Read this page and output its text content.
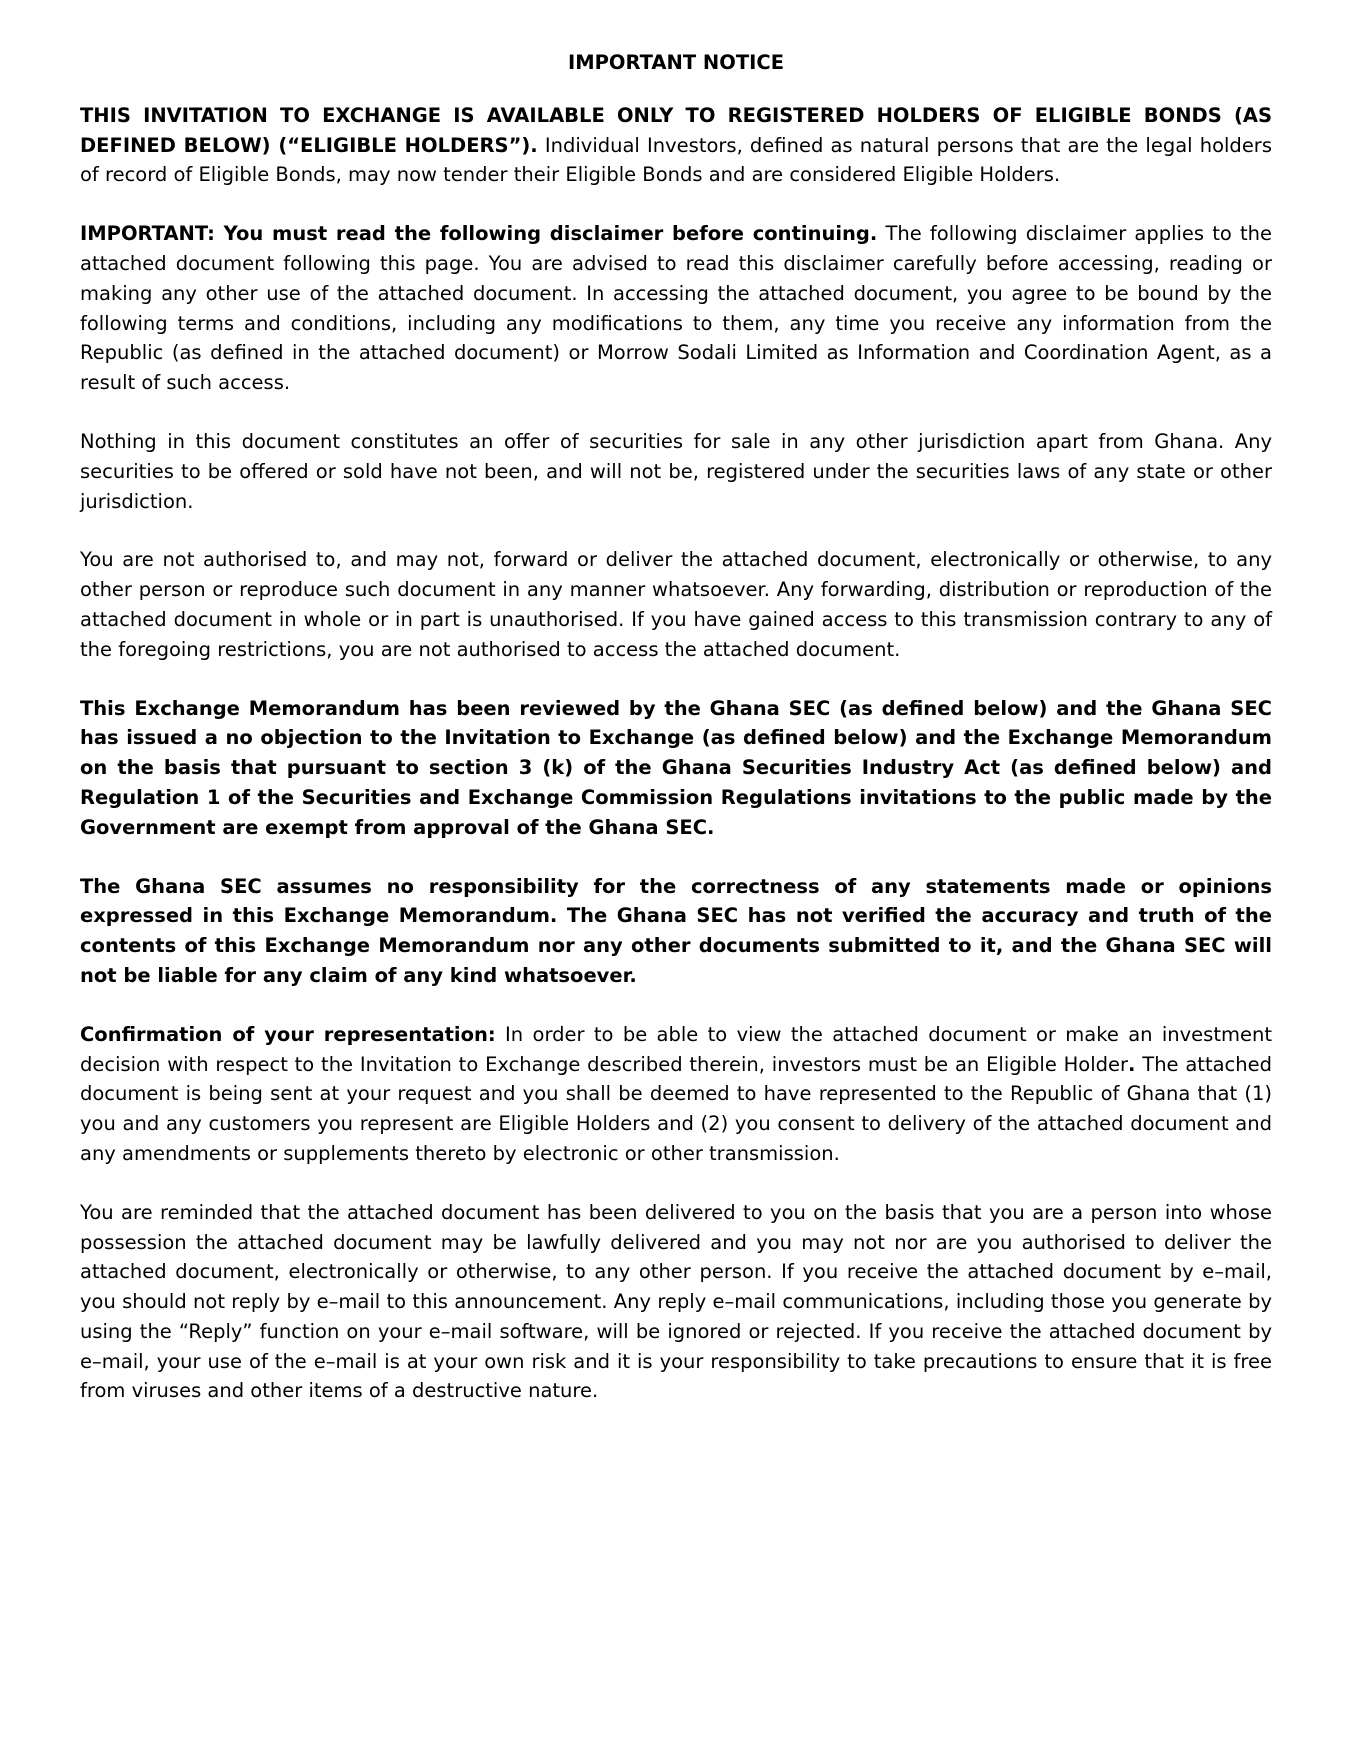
IMPORTANT NOTICE

THIS INVITATION TO EXCHANGE IS AVAILABLE ONLY TO REGISTERED HOLDERS OF ELIGIBLE BONDS (AS DEFINED BELOW) (“ELIGIBLE HOLDERS”). Individual Investors, defined as natural persons that are the legal holders of record of Eligible Bonds, may now tender their Eligible Bonds and are considered Eligible Holders.

IMPORTANT: You must read the following disclaimer before continuing. The following disclaimer applies to the attached document following this page. You are advised to read this disclaimer carefully before accessing, reading or making any other use of the attached document. In accessing the attached document, you agree to be bound by the following terms and conditions, including any modifications to them, any time you receive any information from the Republic (as defined in the attached document) or Morrow Sodali Limited as Information and Coordination Agent, as a result of such access.

Nothing in this document constitutes an offer of securities for sale in any other jurisdiction apart from Ghana. Any securities to be offered or sold have not been, and will not be, registered under the securities laws of any state or other jurisdiction.

You are not authorised to, and may not, forward or deliver the attached document, electronically or otherwise, to any other person or reproduce such document in any manner whatsoever. Any forwarding, distribution or reproduction of the attached document in whole or in part is unauthorised. If you have gained access to this transmission contrary to any of the foregoing restrictions, you are not authorised to access the attached document.

This Exchange Memorandum has been reviewed by the Ghana SEC (as defined below) and the Ghana SEC has issued a no objection to the Invitation to Exchange (as defined below) and the Exchange Memorandum on the basis that pursuant to section 3 (k) of the Ghana Securities Industry Act (as defined below) and Regulation 1 of the Securities and Exchange Commission Regulations invitations to the public made by the Government are exempt from approval of the Ghana SEC.

The Ghana SEC assumes no responsibility for the correctness of any statements made or opinions expressed in this Exchange Memorandum. The Ghana SEC has not verified the accuracy and truth of the contents of this Exchange Memorandum nor any other documents submitted to it, and the Ghana SEC will not be liable for any claim of any kind whatsoever.

Confirmation of your representation: In order to be able to view the attached document or make an investment decision with respect to the Invitation to Exchange described therein, investors must be an Eligible Holder. The attached document is being sent at your request and you shall be deemed to have represented to the Republic of Ghana that (1) you and any customers you represent are Eligible Holders and (2) you consent to delivery of the attached document and any amendments or supplements thereto by electronic or other transmission.

You are reminded that the attached document has been delivered to you on the basis that you are a person into whose possession the attached document may be lawfully delivered and you may not nor are you authorised to deliver the attached document, electronically or otherwise, to any other person. If you receive the attached document by e–mail, you should not reply by e–mail to this announcement. Any reply e–mail communications, including those you generate by using the “Reply” function on your e–mail software, will be ignored or rejected. If you receive the attached document by e–mail, your use of the e–mail is at your own risk and it is your responsibility to take precautions to ensure that it is free from viruses and other items of a destructive nature.
